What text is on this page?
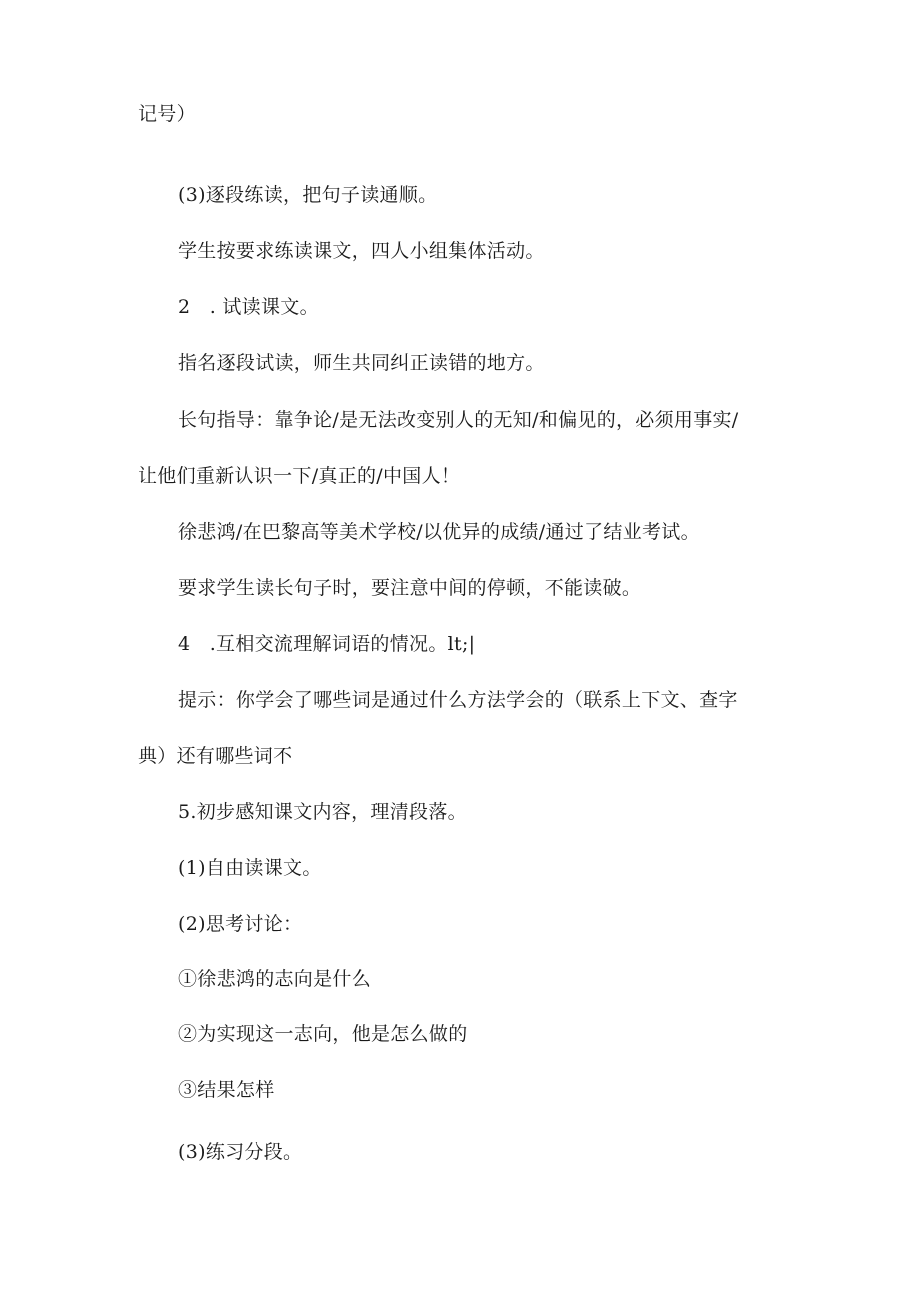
记号）
(3)逐段练读，把句子读通顺。
学生按要求练读课文，四人小组集体活动。
2　. 试读课文。
指名逐段试读，师生共同纠正读错的地方。
长句指导：靠争论/是无法改变别人的无知/和偏见的，必须用事实/
让他们重新认识一下/真正的/中国人！
徐悲鸿/在巴黎高等美术学校/以优异的成绩/通过了结业考试。
要求学生读长句子时，要注意中间的停顿，不能读破。
4　.互相交流理解词语的情况。lt;|
提示：你学会了哪些词是通过什么方法学会的（联系上下文、查字
典）还有哪些词不
5.初步感知课文内容，理清段落。
(1)自由读课文。
(2)思考讨论：
①徐悲鸿的志向是什么
②为实现这一志向，他是怎么做的
③结果怎样
(3)练习分段。
